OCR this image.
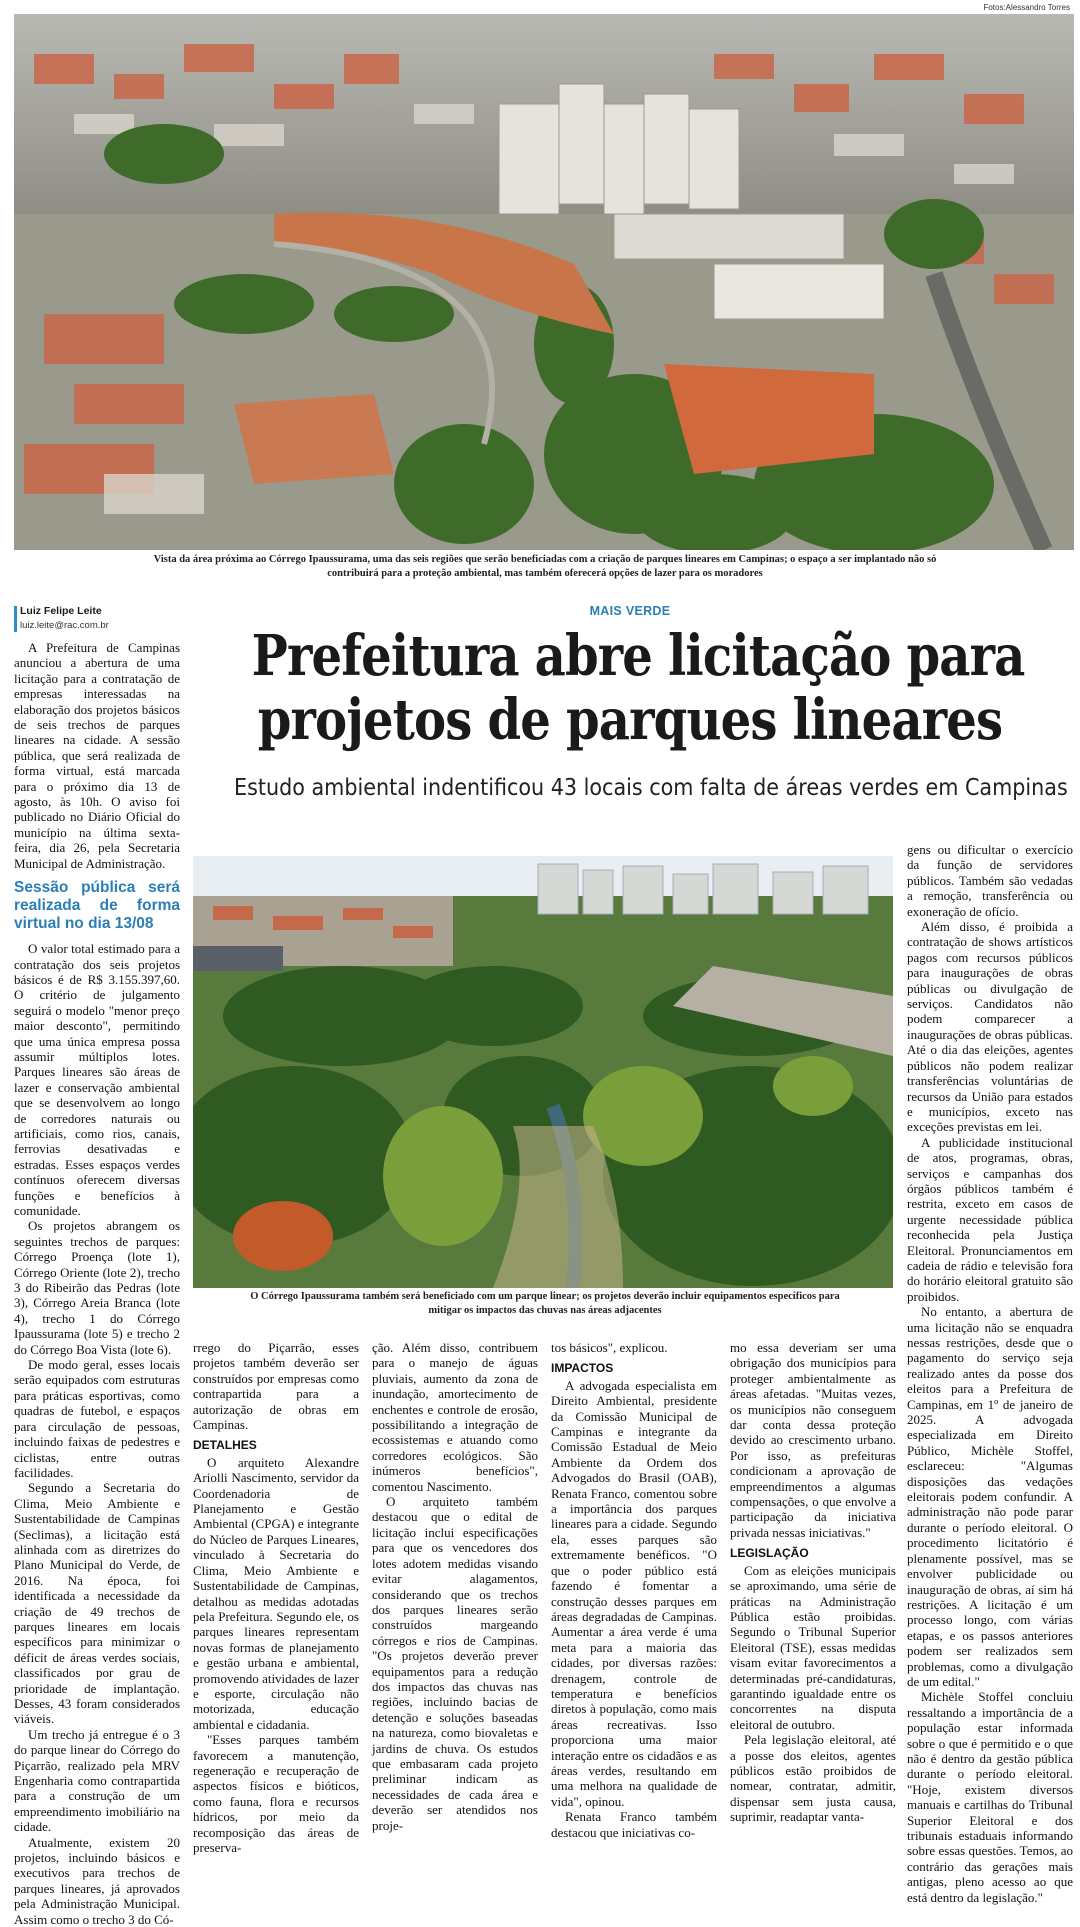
Fotos:Alessandro Torres
Vista da área próxima ao Córrego Ipaussurama, uma das seis regiões que serão beneficiadas com a criação de parques lineares em Campinas; o espaço a ser implantado não só contribuirá para a proteção ambiental, mas também oferecerá opções de lazer para os moradores
Luiz Felipe Leite
luiz.leite@rac.com.br
MAIS VERDE
Prefeitura abre licitação para
projetos de parques lineares
Estudo ambiental indentificou 43 locais com falta de áreas verdes em Campinas
O Córrego Ipaussurama também será beneficiado com um parque linear; os projetos deverão incluir equipamentos específicos para mitigar os impactos das chuvas nas áreas adjacentes

A Prefeitura de Campinas anunciou a abertura de uma licitação para a contratação de empresas interessadas na elaboração dos projetos básicos de seis trechos de parques lineares na cidade. A sessão pública, que será realizada de forma virtual, está marcada para o próximo dia 13 de agosto, às 10h. O aviso foi publicado no Diário Oficial do município na última sexta-feira, dia 26, pela Secretaria Municipal de Administração.

Sessão pública será realizada de forma virtual no dia 13/08

O valor total estimado para a contratação dos seis projetos básicos é de R$ 3.155.397,60. O critério de julgamento seguirá o modelo "menor preço maior desconto", permitindo que uma única empresa possa assumir múltiplos lotes. Parques lineares são áreas de lazer e conservação ambiental que se desenvolvem ao longo de corredores naturais ou artificiais, como rios, canais, ferrovias desativadas e estradas. Esses espaços verdes contínuos oferecem diversas funções e benefícios à comunidade.

Os projetos abrangem os seguintes trechos de parques: Córrego Proença (lote 1), Córrego Oriente (lote 2), trecho 3 do Ribeirão das Pedras (lote 3), Córrego Areia Branca (lote 4), trecho 1 do Córrego Ipaussurama (lote 5) e trecho 2 do Córrego Boa Vista (lote 6).

De modo geral, esses locais serão equipados com estruturas para práticas esportivas, como quadras de futebol, e espaços para circulação de pessoas, incluindo faixas de pedestres e ciclistas, entre outras facilidades.

Segundo a Secretaria do Clima, Meio Ambiente e Sustentabilidade de Campinas (Seclimas), a licitação está alinhada com as diretrizes do Plano Municipal do Verde, de 2016. Na época, foi identificada a necessidade da criação de 49 trechos de parques lineares em locais específicos para minimizar o déficit de áreas verdes sociais, classificados por grau de prioridade de implantação. Desses, 43 foram considerados viáveis.

Um trecho já entregue é o 3 do parque linear do Córrego do Piçarrão, realizado pela MRV Engenharia como contrapartida para a construção de um empreendimento imobiliário na cidade.

Atualmente, existem 20 projetos, incluindo básicos e executivos para trechos de parques lineares, já aprovados pela Administração Municipal. Assim como o trecho 3 do Có-

rrego do Piçarrão, esses projetos também deverão ser construídos por empresas como contrapartida para a autorização de obras em Campinas.

DETALHES

O arquiteto Alexandre Ariolli Nascimento, servidor da Coordenadoria de Planejamento e Gestão Ambiental (CPGA) e integrante do Núcleo de Parques Lineares, vinculado à Secretaria do Clima, Meio Ambiente e Sustentabilidade de Campinas, detalhou as medidas adotadas pela Prefeitura. Segundo ele, os parques lineares representam novas formas de planejamento e gestão urbana e ambiental, promovendo atividades de lazer e esporte, circulação não motorizada, educação ambiental e cidadania.

"Esses parques também favorecem a manutenção, regeneração e recuperação de aspectos físicos e bióticos, como fauna, flora e recursos hídricos, por meio da recomposição das áreas de preserva-

ção. Além disso, contribuem para o manejo de águas pluviais, aumento da zona de inundação, amortecimento de enchentes e controle de erosão, possibilitando a integração de ecossistemas e atuando como corredores ecológicos. São inúmeros benefícios", comentou Nascimento.

O arquiteto também destacou que o edital de licitação inclui especificações para que os vencedores dos lotes adotem medidas visando evitar alagamentos, considerando que os trechos dos parques lineares serão construídos margeando córregos e rios de Campinas. "Os projetos deverão prever equipamentos para a redução dos impactos das chuvas nas regiões, incluindo bacias de detenção e soluções baseadas na natureza, como biovaletas e jardins de chuva. Os estudos que embasaram cada projeto preliminar indicam as necessidades de cada área e deverão ser atendidos nos proje-

tos básicos", explicou.

IMPACTOS

A advogada especialista em Direito Ambiental, presidente da Comissão Municipal de Campinas e integrante da Comissão Estadual de Meio Ambiente da Ordem dos Advogados do Brasil (OAB), Renata Franco, comentou sobre a importância dos parques lineares para a cidade. Segundo ela, esses parques são extremamente benéficos. "O que o poder público está fazendo é fomentar a construção desses parques em áreas degradadas de Campinas. Aumentar a área verde é uma meta para a maioria das cidades, por diversas razões: drenagem, controle de temperatura e benefícios diretos à população, como mais áreas recreativas. Isso proporciona uma maior interação entre os cidadãos e as áreas verdes, resultando em uma melhora na qualidade de vida", opinou.

Renata Franco também destacou que iniciativas co-

mo essa deveriam ser uma obrigação dos municípios para proteger ambientalmente as áreas afetadas. "Muitas vezes, os municípios não conseguem dar conta dessa proteção devido ao crescimento urbano. Por isso, as prefeituras condicionam a aprovação de empreendimentos a algumas compensações, o que envolve a participação da iniciativa privada nessas iniciativas."

LEGISLAÇÃO

Com as eleições municipais se aproximando, uma série de práticas na Administração Pública estão proibidas. Segundo o Tribunal Superior Eleitoral (TSE), essas medidas visam evitar favorecimentos a determinadas pré-candidaturas, garantindo igualdade entre os concorrentes na disputa eleitoral de outubro.

Pela legislação eleitoral, até a posse dos eleitos, agentes públicos estão proibidos de nomear, contratar, admitir, dispensar sem justa causa, suprimir, readaptar vanta-

gens ou dificultar o exercício da função de servidores públicos. Também são vedadas a remoção, transferência ou exoneração de ofício.

Além disso, é proibida a contratação de shows artísticos pagos com recursos públicos para inaugurações de obras públicas ou divulgação de serviços. Candidatos não podem comparecer a inaugurações de obras públicas. Até o dia das eleições, agentes públicos não podem realizar transferências voluntárias de recursos da União para estados e municípios, exceto nas exceções previstas em lei.

A publicidade institucional de atos, programas, obras, serviços e campanhas dos órgãos públicos também é restrita, exceto em casos de urgente necessidade pública reconhecida pela Justiça Eleitoral. Pronunciamentos em cadeia de rádio e televisão fora do horário eleitoral gratuito são proibidos.

No entanto, a abertura de uma licitação não se enquadra nessas restrições, desde que o pagamento do serviço seja realizado antes da posse dos eleitos para a Prefeitura de Campinas, em 1º de janeiro de 2025. A advogada especializada em Direito Público, Michèle Stoffel, esclareceu: "Algumas disposições das vedações eleitorais podem confundir. A administração não pode parar durante o período eleitoral. O procedimento licitatório é plenamente possível, mas se envolver publicidade ou inauguração de obras, aí sim há restrições. A licitação é um processo longo, com várias etapas, e os passos anteriores podem ser realizados sem problemas, como a divulgação de um edital."

Michèle Stoffel concluiu ressaltando a importância de a população estar informada sobre o que é permitido e o que não é dentro da gestão pública durante o período eleitoral. "Hoje, existem diversos manuais e cartilhas do Tribunal Superior Eleitoral e dos tribunais estaduais informando sobre essas questões. Temos, ao contrário das gerações mais antigas, pleno acesso ao que está dentro da legislação."
